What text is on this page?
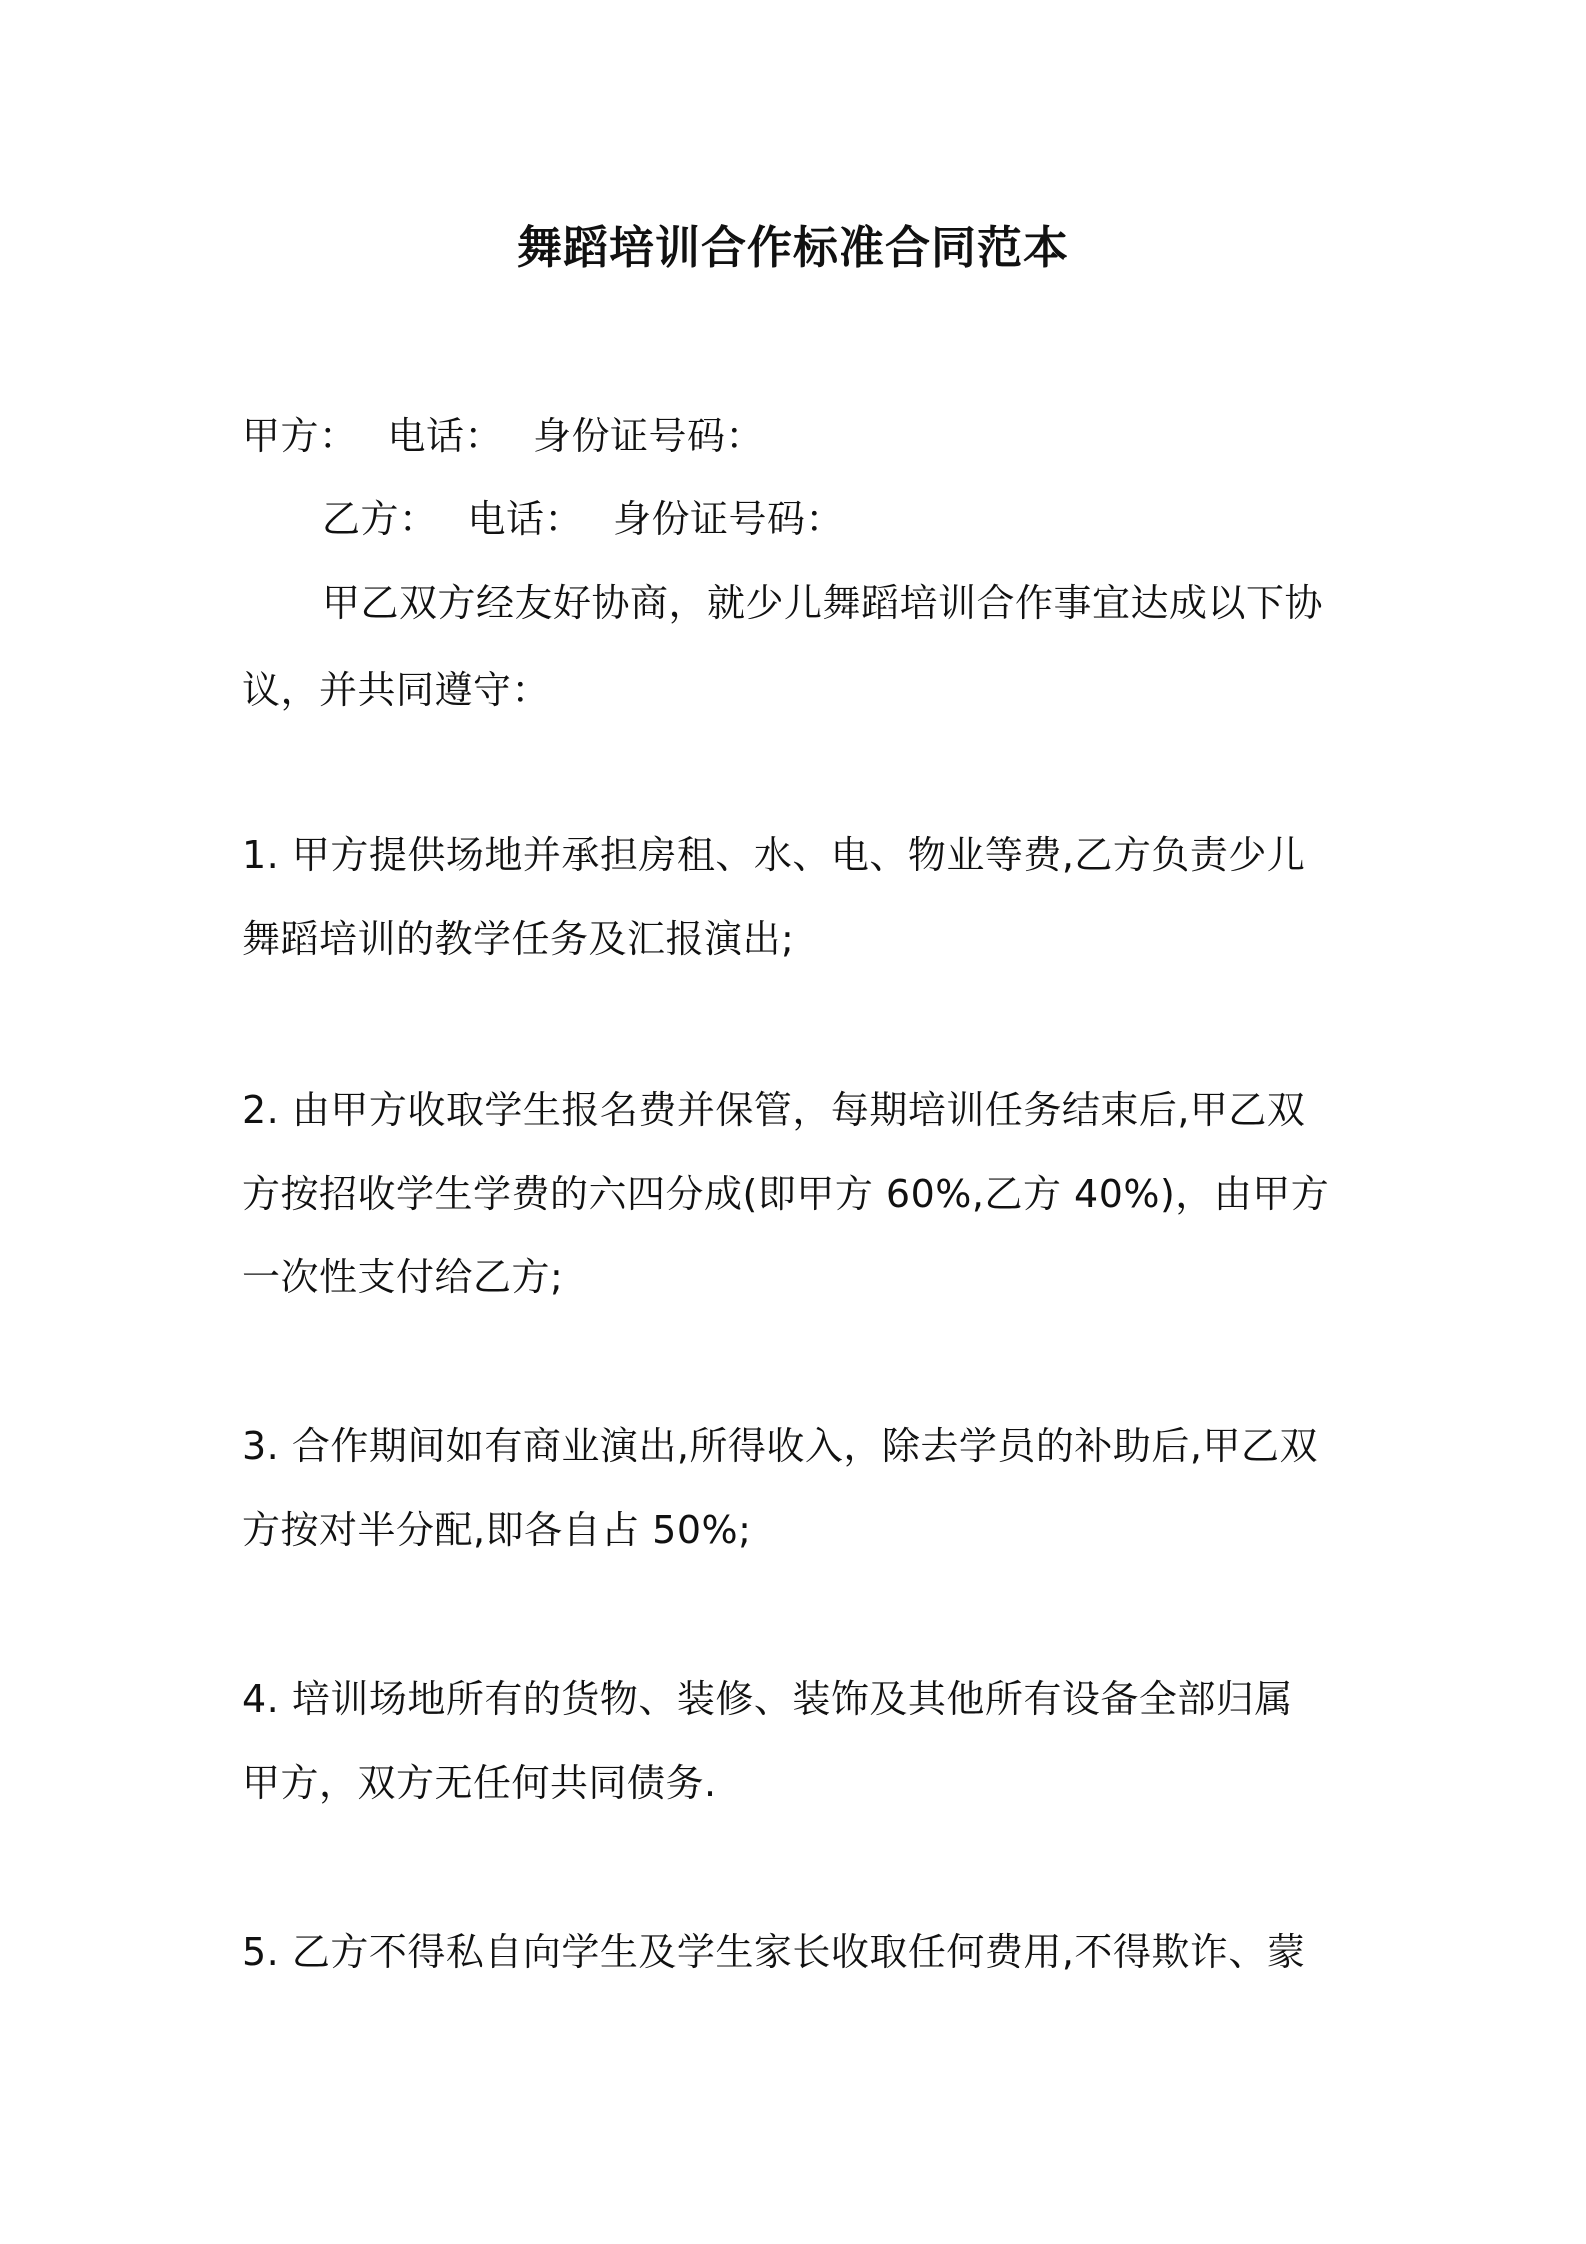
舞蹈培训合作标准合同范本
甲方： 电话： 身份证号码：
乙方： 电话： 身份证号码：
甲乙双方经友好协商，就少儿舞蹈培训合作事宜达成以下协
议，并共同遵守：
1. 甲方提供场地并承担房租、水、电、物业等费,乙方负责少儿
舞蹈培训的教学任务及汇报演出;
2. 由甲方收取学生报名费并保管，每期培训任务结束后,甲乙双
方按招收学生学费的六四分成(即甲方 60%,乙方 40%)，由甲方
一次性支付给乙方;
3. 合作期间如有商业演出,所得收入，除去学员的补助后,甲乙双
方按对半分配,即各自占 50%;
4. 培训场地所有的货物、装修、装饰及其他所有设备全部归属
甲方，双方无任何共同债务.
5. 乙方不得私自向学生及学生家长收取任何费用,不得欺诈、蒙
